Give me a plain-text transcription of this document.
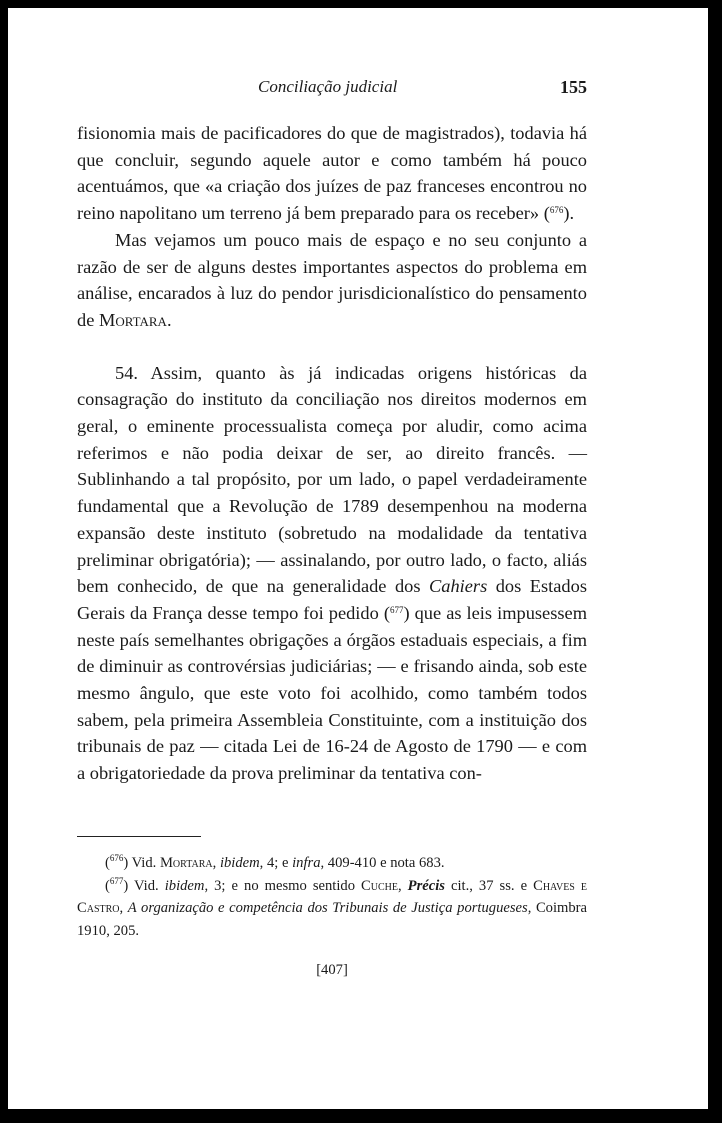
Conciliação judicial	155

fisionomia mais de pacificadores do que de magistrados), todavia há que concluir, segundo aquele autor e como também há pouco acentuámos, que «a criação dos juízes de paz franceses encontrou no reino napolitano um terreno já bem preparado para os receber» ($^{676}$).

Mas vejamos um pouco mais de espaço e no seu conjunto a razão de ser de alguns destes importantes aspectos do problema em análise, encarados à luz do pendor jurisdicionalístico do pensamento de Mortara.

54. Assim, quanto às já indicadas origens históricas da consagração do instituto da conciliação nos direitos modernos em geral, o eminente processualista começa por aludir, como acima referimos e não podia deixar de ser, ao direito francês. — Sublinhando a tal propósito, por um lado, o papel verdadeiramente fundamental que a Revolução de 1789 desempenhou na moderna expansão deste instituto (sobretudo na modalidade da tentativa preliminar obrigatória); — assinalando, por outro lado, o facto, aliás bem conhecido, de que na generalidade dos Cahiers dos Estados Gerais da França desse tempo foi pedido ($^{677}$) que as leis impusessem neste país semelhantes obrigações a órgãos estaduais especiais, a fim de diminuir as controvérsias judiciárias; — e frisando ainda, sob este mesmo ângulo, que este voto foi acolhido, como também todos sabem, pela primeira Assembleia Constituinte, com a instituição dos tribunais de paz — citada Lei de 16-24 de Agosto de 1790 — e com a obrigatoriedade da prova preliminar da tentativa con-

($^{676}$) Vid. Mortara, ibidem, 4; e infra, 409-410 e nota 683.

($^{677}$) Vid. ibidem, 3; e no mesmo sentido Cuche, Précis cit., 37 ss. e Chaves e Castro, A organização e competência dos Tribunais de Justiça portugueses, Coimbra 1910, 205.

[407]
